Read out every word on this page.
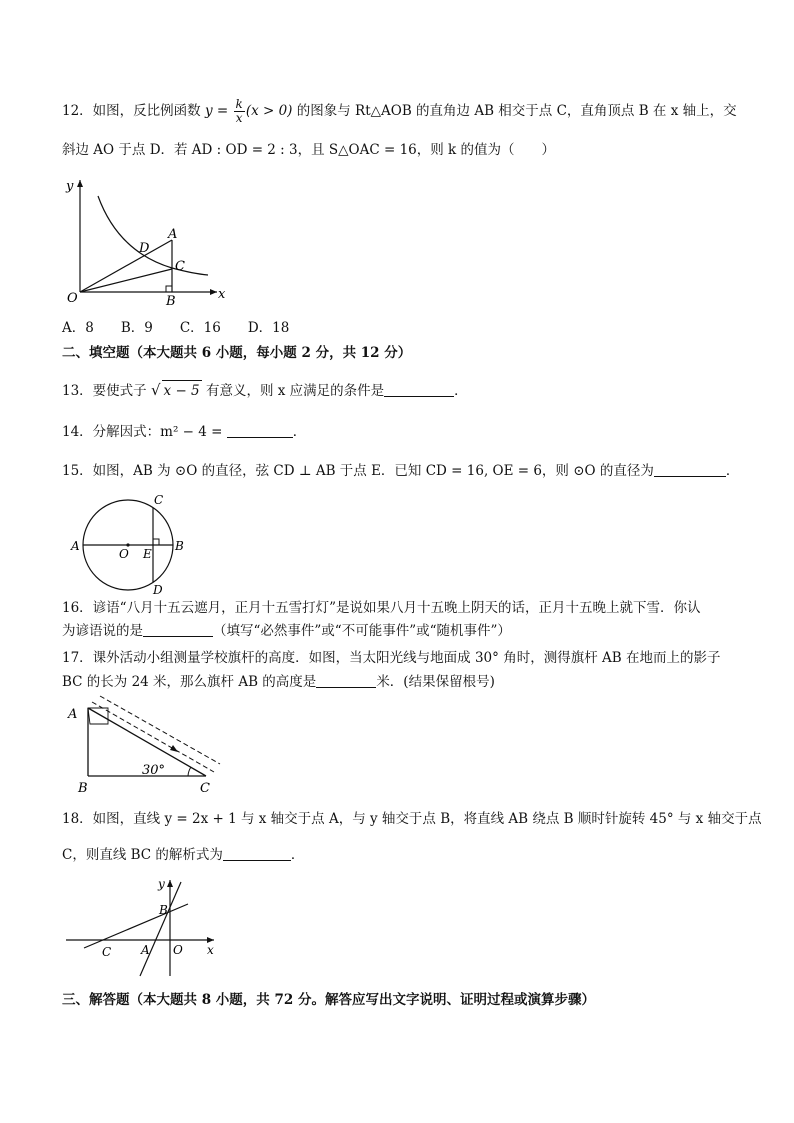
12．如图，反比例函数 $y = \frac{k}{x} (x > 0)$ 的图象与 Rt△AOB 的直角边 AB 相交于点 C，直角顶点 B 在 x 轴上，交
斜边 AO 于点 D．若 AD : OD = 2 : 3，且 S△OAC = 16，则 k 的值为（　　）
y
x
O
A
D
C
B
A．8　　B．9　　C．16　　D．18
二、填空题（本大题共 6 小题，每小题 2 分，共 12 分）
13．要使式子 √ x − 5 有意义，则 x 应满足的条件是	．
14．分解因式：m² − 4 =	．
15．如图，AB 为 ⊙O 的直径，弦 CD ⊥ AB 于点 E．已知 CD = 16, OE = 6，则 ⊙O 的直径为	．
A	B
C
D
O E
16．谚语“八月十五云遮月，正月十五雪打灯”是说如果八月十五晚上阴天的话，正月十五晚上就下雪．你认
为谚语说的是	（填写“必然事件”或“不可能事件”或“随机事件”）
17．课外活动小组测量学校旗杆的高度．如图，当太阳光线与地面成 30° 角时，测得旗杆 AB 在地而上的影子
BC 的长为 24 米，那么旗杆 AB 的高度是	米．(结果保留根号)
A
B	C
30°
18．如图，直线 y = 2x + 1 与 x 轴交于点 A，与 y 轴交于点 B，将直线 AB 绕点 B 顺时针旋转 45° 与 x 轴交于点
C，则直线 BC 的解析式为	．
y
x
O
A
B
C
三、解答题（本大题共 8 小题，共 72 分。解答应写出文字说明、证明过程或演算步骤）
